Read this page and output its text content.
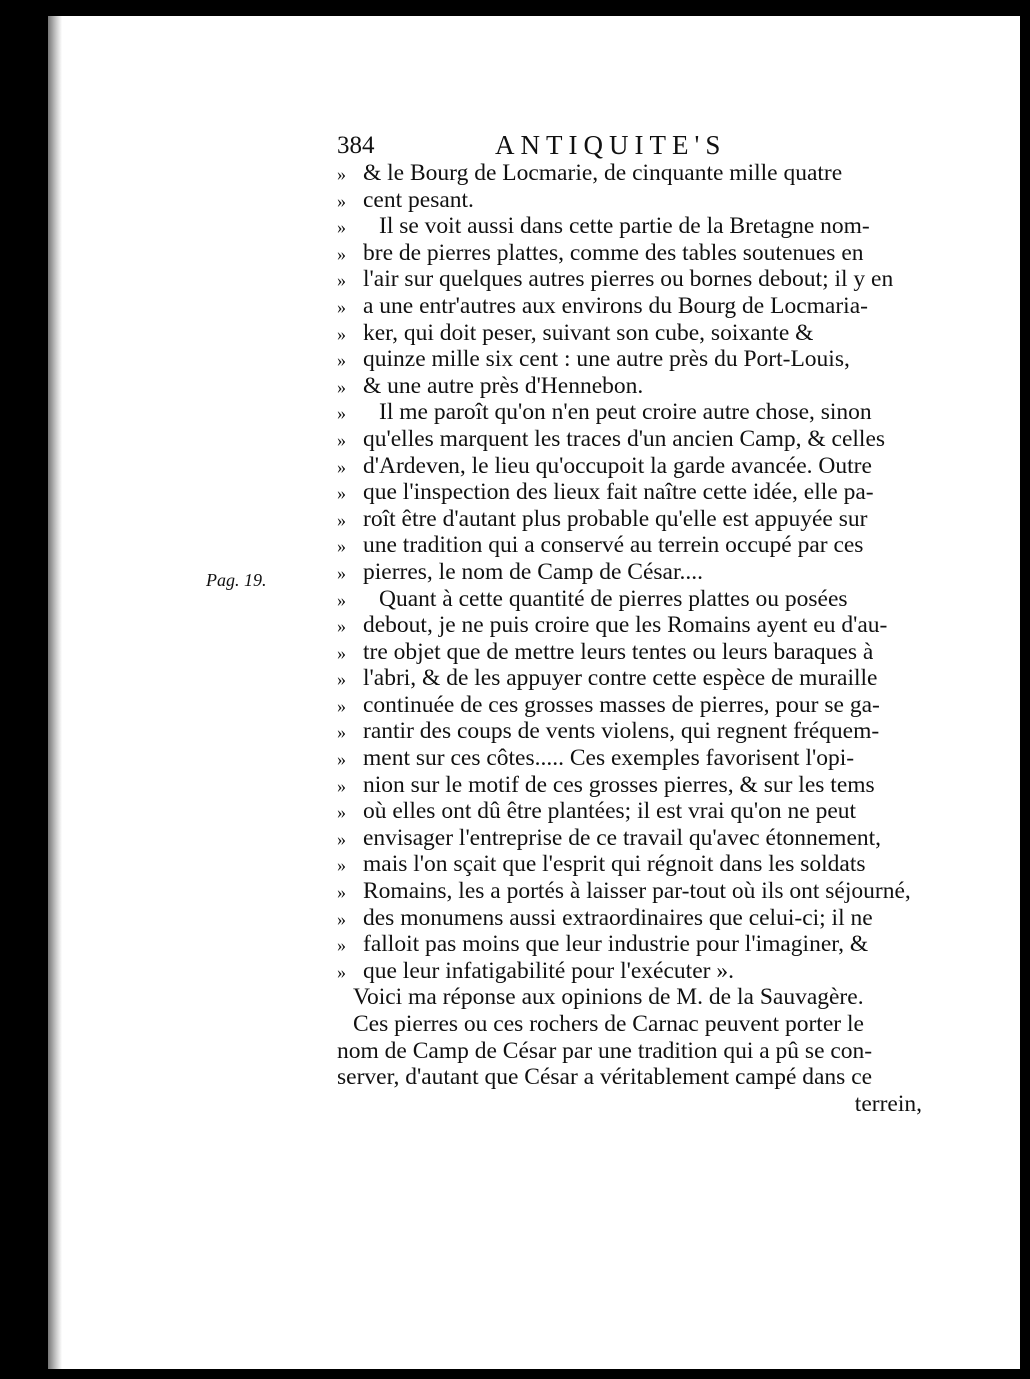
384	ANTIQUITE'S
Pag. 19.
» & le Bourg de Locmarie, de cinquante mille quatre
» cent pesant.
» Il se voit aussi dans cette partie de la Bretagne nom-
» bre de pierres plattes, comme des tables soutenues en
» l'air sur quelques autres pierres ou bornes debout; il y en
» a une entr'autres aux environs du Bourg de Locmaria-
» ker, qui doit peser, suivant son cube, soixante &
» quinze mille six cent : une autre près du Port-Louis,
» & une autre près d'Hennebon.
» Il me paroît qu'on n'en peut croire autre chose, sinon
» qu'elles marquent les traces d'un ancien Camp, & celles
» d'Ardeven, le lieu qu'occupoit la garde avancée. Outre
» que l'inspection des lieux fait naître cette idée, elle pa-
» roît être d'autant plus probable qu'elle est appuyée sur
» une tradition qui a conservé au terrein occupé par ces
» pierres, le nom de Camp de César....
» Quant à cette quantité de pierres plattes ou posées
» debout, je ne puis croire que les Romains ayent eu d'au-
» tre objet que de mettre leurs tentes ou leurs baraques à
» l'abri, & de les appuyer contre cette espèce de muraille
» continuée de ces grosses masses de pierres, pour se ga-
» rantir des coups de vents violens, qui regnent fréquem-
» ment sur ces côtes..... Ces exemples favorisent l'opi-
» nion sur le motif de ces grosses pierres, & sur les tems
» où elles ont dû être plantées; il est vrai qu'on ne peut
» envisager l'entreprise de ce travail qu'avec étonnement,
» mais l'on sçait que l'esprit qui régnoit dans les soldats
» Romains, les a portés à laisser par-tout où ils ont séjourné,
» des monumens aussi extraordinaires que celui-ci; il ne
» falloit pas moins que leur industrie pour l'imaginer, &
» que leur infatigabilité pour l'exécuter ».
Voici ma réponse aux opinions de M. de la Sauvagère.
Ces pierres ou ces rochers de Carnac peuvent porter le
nom de Camp de César par une tradition qui a pû se con-
server, d'autant que César a véritablement campé dans ce
terrein,
